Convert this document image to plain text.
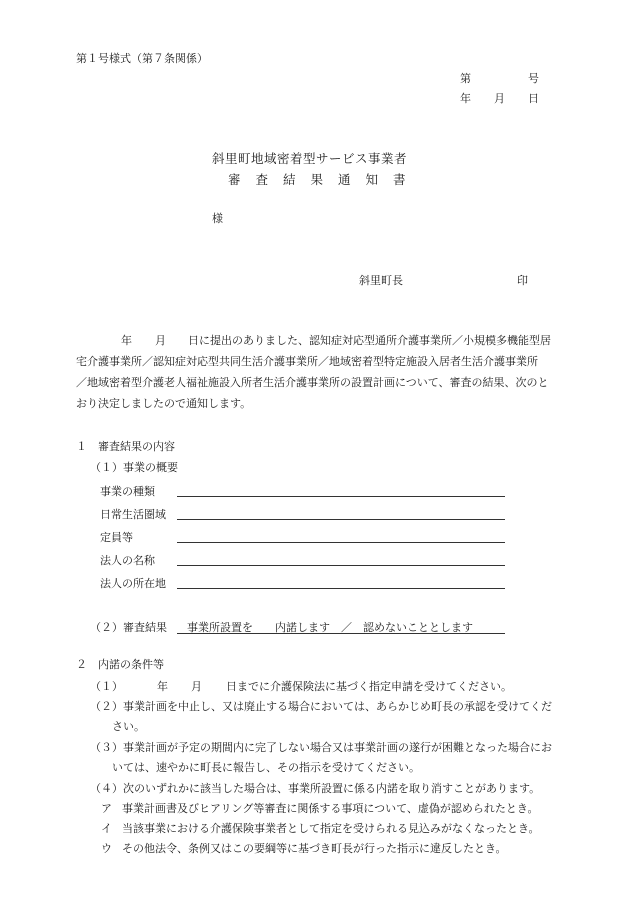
第１号様式（第７条関係）
第	号
年 月 日
斜里町地域密着型サービス事業者
審査結果通知書
様
斜里町長	印
年 月 日に提出のありました、認知症対応型通所介護事業所／小規模多機能型居
宅介護事業所／認知症対応型共同生活介護事業所／地域密着型特定施設入居者生活介護事業所
／地域密着型介護老人福祉施設入所者生活介護事業所の設置計画について、審査の結果、次のと
おり決定しましたので通知します。
１　審査結果の内容
（１）事業の概要
事業の種類
日常生活圏域
定員等
法人の名称
法人の所在地
（２）審査結果 事業所設置を　　内諾します　／　認めないこととします
２　内諾の条件等
（１）	年 月 日までに介護保険法に基づく指定申請を受けてください。
（２）事業計画を中止し、又は廃止する場合においては、あらかじめ町長の承認を受けてくだ
さい。
（３）事業計画が予定の期間内に完了しない場合又は事業計画の遂行が困難となった場合にお
いては、速やかに町長に報告し、その指示を受けてください。
（４）次のいずれかに該当した場合は、事業所設置に係る内諾を取り消すことがあります。
ア 事業計画書及びヒアリング等審査に関係する事項について、虚偽が認められたとき。
イ 当該事業における介護保険事業者として指定を受けられる見込みがなくなったとき。
ウ その他法令、条例又はこの要綱等に基づき町長が行った指示に違反したとき。
